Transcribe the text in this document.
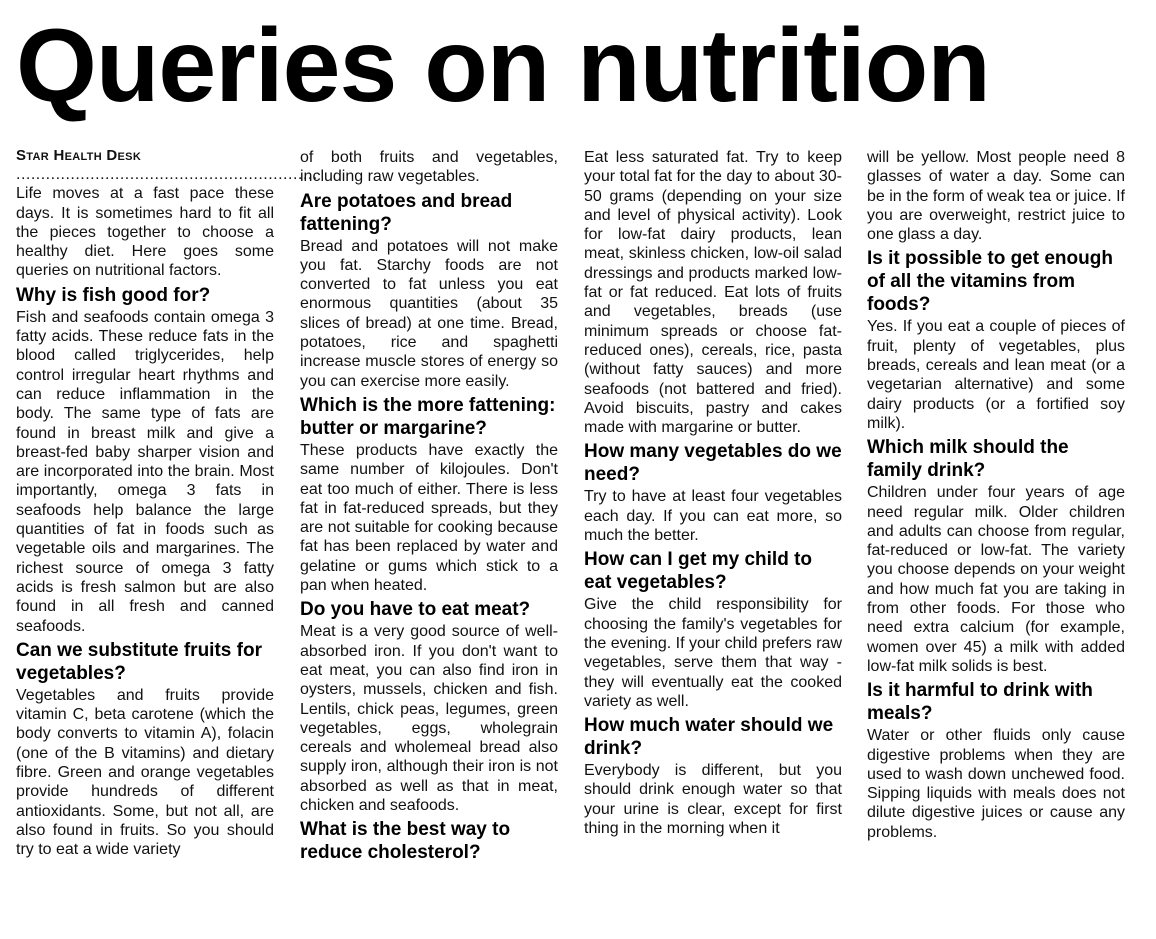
Queries on nutrition

Star Health Desk

.............................................................

Life moves at a fast pace these days. It is sometimes hard to fit all the pieces together to choose a healthy diet. Here goes some queries on nutritional factors.

Why is fish good for?

Fish and seafoods contain omega 3 fatty acids. These reduce fats in the blood called triglycerides, help control irregular heart rhythms and can reduce inflammation in the body. The same type of fats are found in breast milk and give a breast-fed baby sharper vision and are incorporated into the brain. Most importantly, omega 3 fats in seafoods help balance the large quantities of fat in foods such as vegetable oils and margarines. The richest source of omega 3 fatty acids is fresh salmon but are also found in all fresh and canned seafoods.

Can we substitute fruits for vegetables?

Vegetables and fruits provide vitamin C, beta carotene (which the body converts to vitamin A), folacin (one of the B vitamins) and dietary fibre. Green and orange vegetables provide hundreds of different antioxidants. Some, but not all, are also found in fruits. So you should try to eat a wide variety

of both fruits and vegetables, including raw vegetables.

Are potatoes and bread fattening?

Bread and potatoes will not make you fat. Starchy foods are not converted to fat unless you eat enormous quantities (about 35 slices of bread) at one time. Bread, potatoes, rice and spaghetti increase muscle stores of energy so you can exercise more easily.

Which is the more fattening: butter or margarine?

These products have exactly the same number of kilojoules. Don't eat too much of either. There is less fat in fat-reduced spreads, but they are not suitable for cooking because fat has been replaced by water and gelatine or gums which stick to a pan when heated.

Do you have to eat meat?

Meat is a very good source of well-absorbed iron. If you don't want to eat meat, you can also find iron in oysters, mussels, chicken and fish. Lentils, chick peas, legumes, green vegetables, eggs, wholegrain cereals and wholemeal bread also supply iron, although their iron is not absorbed as well as that in meat, chicken and seafoods.

What is the best way to reduce cholesterol?

Eat less saturated fat. Try to keep your total fat for the day to about 30-50 grams (depending on your size and level of physical activity). Look for low-fat dairy products, lean meat, skinless chicken, low-oil salad dressings and products marked low-fat or fat reduced. Eat lots of fruits and vegetables, breads (use minimum spreads or choose fat-reduced ones), cereals, rice, pasta (without fatty sauces) and more seafoods (not battered and fried). Avoid biscuits, pastry and cakes made with margarine or butter.

How many vegetables do we need?

Try to have at least four vegetables each day. If you can eat more, so much the better.

How can I get my child to eat vegetables?

Give the child responsibility for choosing the family's vegetables for the evening. If your child prefers raw vegetables, serve them that way - they will eventually eat the cooked variety as well.

How much water should we drink?

Everybody is different, but you should drink enough water so that your urine is clear, except for first thing in the morning when it

will be yellow. Most people need 8 glasses of water a day. Some can be in the form of weak tea or juice. If you are overweight, restrict juice to one glass a day.

Is it possible to get enough of all the vitamins from foods?

Yes. If you eat a couple of pieces of fruit, plenty of vegetables, plus breads, cereals and lean meat (or a vegetarian alternative) and some dairy products (or a fortified soy milk).

Which milk should the family drink?

Children under four years of age need regular milk. Older children and adults can choose from regular, fat-reduced or low-fat. The variety you choose depends on your weight and how much fat you are taking in from other foods. For those who need extra calcium (for example, women over 45) a milk with added low-fat milk solids is best.

Is it harmful to drink with meals?

Water or other fluids only cause digestive problems when they are used to wash down unchewed food. Sipping liquids with meals does not dilute digestive juices or cause any problems.
